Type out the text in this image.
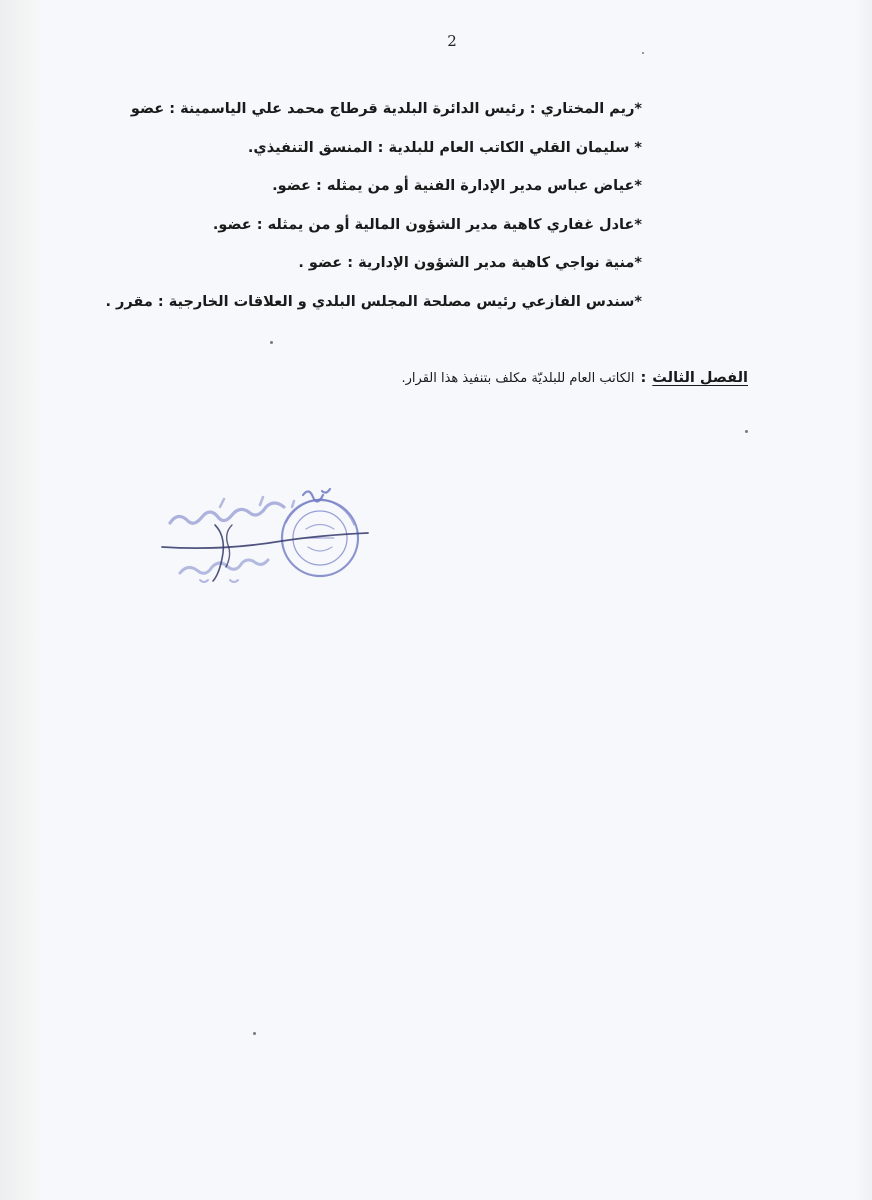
2
*ريم المختاري : رئيس الدائرة البلدية قرطاج محمد علي الياسمينة : عضو
* سليمان القلي الكاتب العام للبلدية : المنسق التنفيذي.
*عياض عباس مدير الإدارة الفنية أو من يمثله : عضو.
*عادل غفاري كاهية مدير الشؤون المالية أو من يمثله : عضو.
*منية نواجي كاهية مدير الشؤون الإدارية : عضو .
*سندس الفازعي رئيس مصلحة المجلس البلدي و العلاقات الخارجية : مقرر .
الفصل الثالث:الكاتب العام للبلديّة مكلف بتنفيذ هذا القرار.
